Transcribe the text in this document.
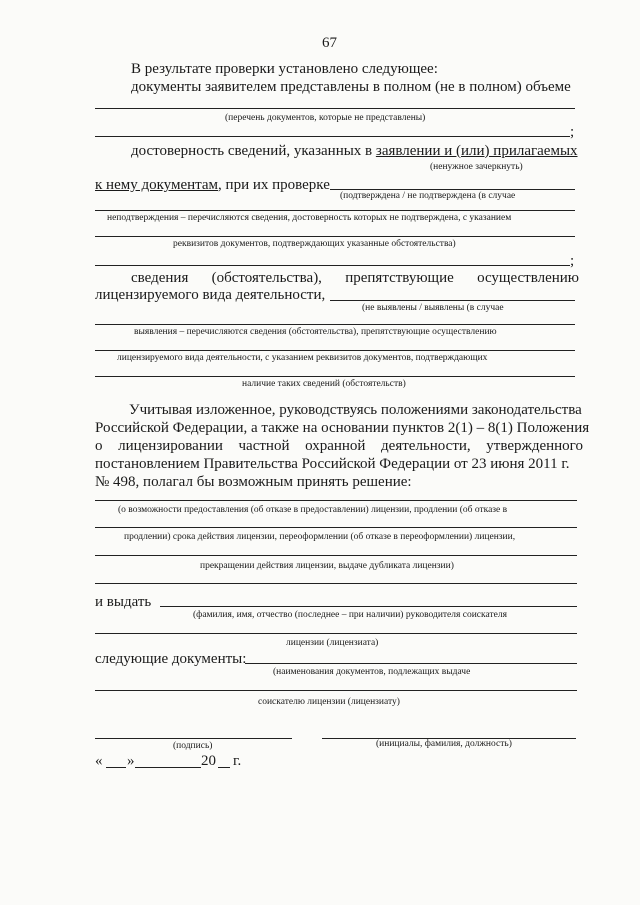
67
В результате проверки установлено следующее:
документы заявителем представлены в полном (не в полном) объеме
(перечень документов, которые не представлены)
;
достоверность сведений, указанных в заявлении и (или) прилагаемых
(ненужное зачеркнуть)
к нему документам, при их проверке
(подтверждена / не подтверждена (в случае
неподтверждения – перечисляются сведения, достоверность которых не подтверждена, с указанием
реквизитов документов, подтверждающих указанные обстоятельства)
;
сведения (обстоятельства), препятствующие осуществлению
лицензируемого вида деятельности,
(не выявлены / выявлены (в случае
выявления – перечисляются сведения (обстоятельства), препятствующие осуществлению
лицензируемого вида деятельности, с указанием реквизитов документов, подтверждающих
наличие таких сведений (обстоятельств)
Учитывая изложенное, руководствуясь положениями законодательства
Российской Федерации, а также на основании пунктов 2(1) – 8(1) Положения
о лицензировании частной охранной деятельности, утвержденного
постановлением Правительства Российской Федерации от 23 июня 2011 г.
№ 498, полагал бы возможным принять решение:
(о возможности предоставления (об отказе в предоставлении) лицензии, продлении (об отказе в
продлении) срока действия лицензии, переоформлении (об отказе в переоформлении) лицензии,
прекращении действия лицензии, выдаче дубликата лицензии)
и выдать
(фамилия, имя, отчество (последнее – при наличии) руководителя соискателя
лицензии (лицензиата)
следующие документы:
(наименования документов, подлежащих выдаче
соискателю лицензии (лицензиату)
(подпись)	(инициалы, фамилия, должность)
« »	20 г.
